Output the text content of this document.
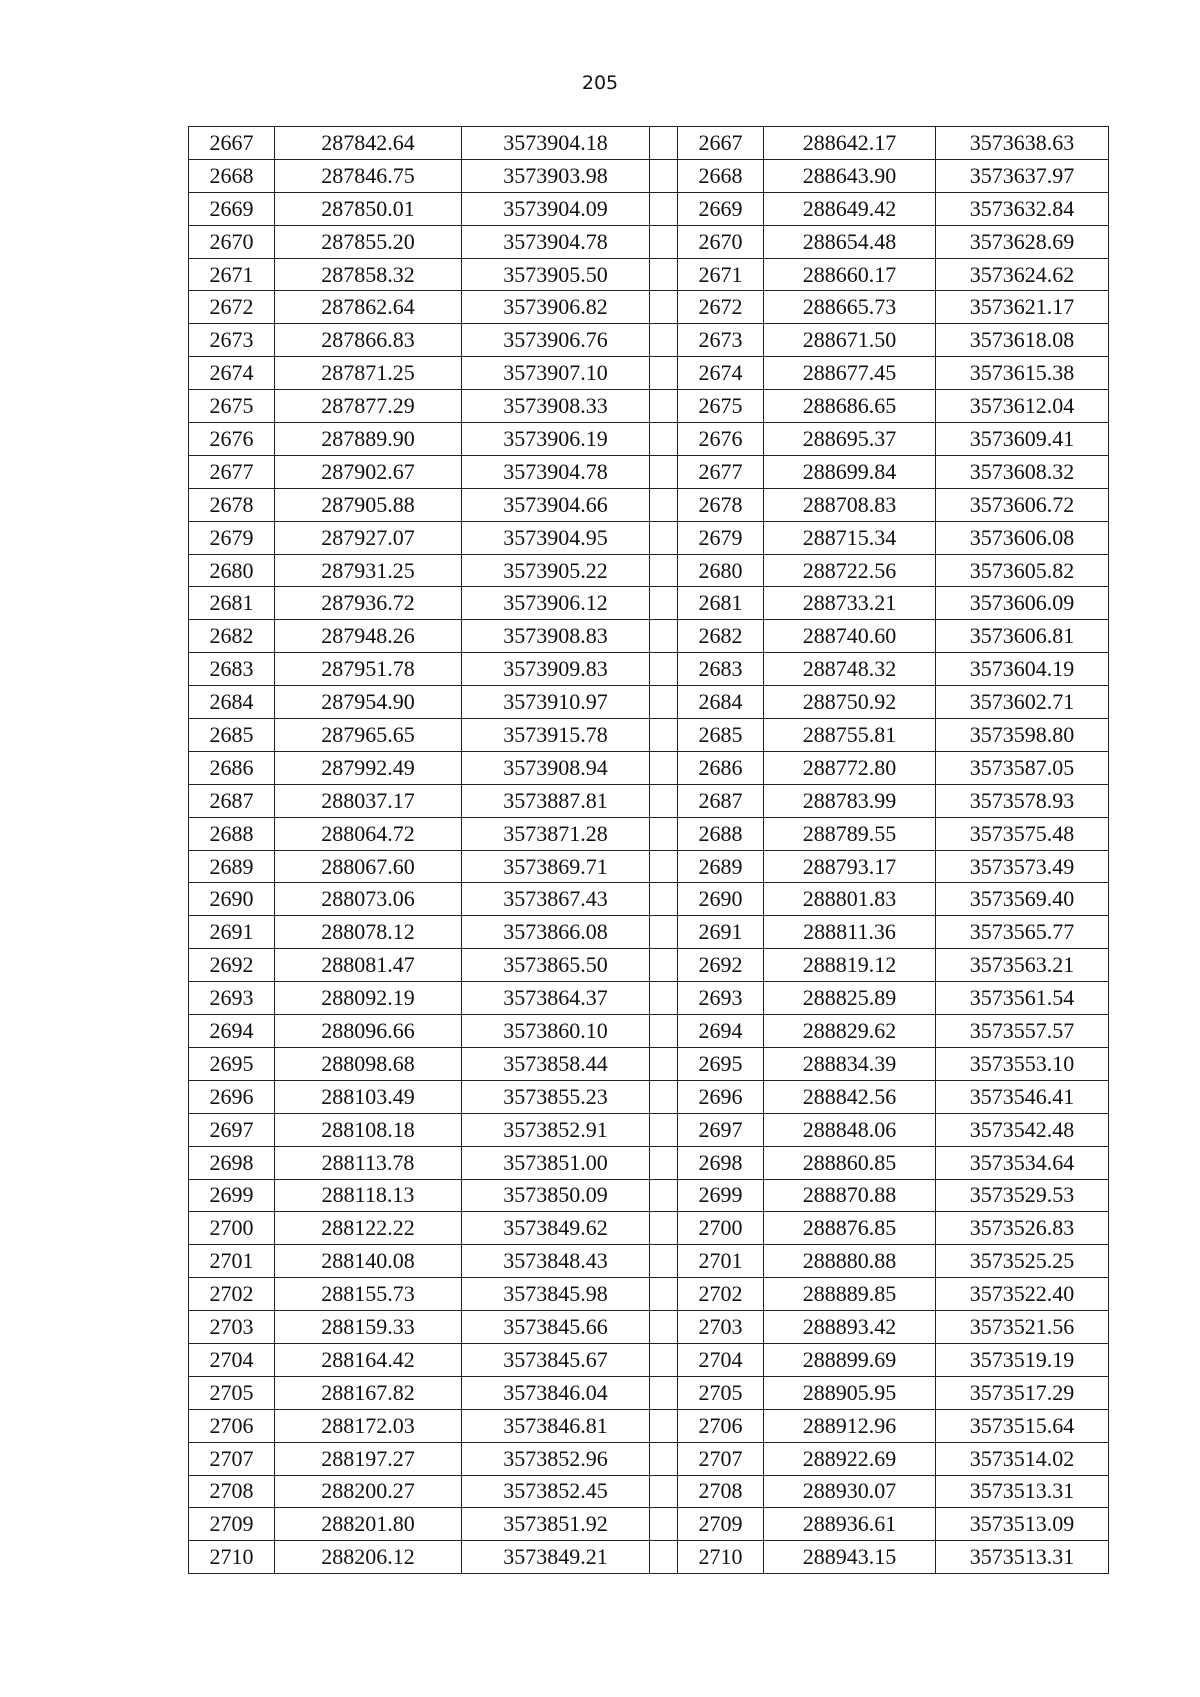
205
2667	287842.64	3573904.18		2667	288642.17	3573638.63
2668	287846.75	3573903.98		2668	288643.90	3573637.97
2669	287850.01	3573904.09		2669	288649.42	3573632.84
2670	287855.20	3573904.78		2670	288654.48	3573628.69
2671	287858.32	3573905.50		2671	288660.17	3573624.62
2672	287862.64	3573906.82		2672	288665.73	3573621.17
2673	287866.83	3573906.76		2673	288671.50	3573618.08
2674	287871.25	3573907.10		2674	288677.45	3573615.38
2675	287877.29	3573908.33		2675	288686.65	3573612.04
2676	287889.90	3573906.19		2676	288695.37	3573609.41
2677	287902.67	3573904.78		2677	288699.84	3573608.32
2678	287905.88	3573904.66		2678	288708.83	3573606.72
2679	287927.07	3573904.95		2679	288715.34	3573606.08
2680	287931.25	3573905.22		2680	288722.56	3573605.82
2681	287936.72	3573906.12		2681	288733.21	3573606.09
2682	287948.26	3573908.83		2682	288740.60	3573606.81
2683	287951.78	3573909.83		2683	288748.32	3573604.19
2684	287954.90	3573910.97		2684	288750.92	3573602.71
2685	287965.65	3573915.78		2685	288755.81	3573598.80
2686	287992.49	3573908.94		2686	288772.80	3573587.05
2687	288037.17	3573887.81		2687	288783.99	3573578.93
2688	288064.72	3573871.28		2688	288789.55	3573575.48
2689	288067.60	3573869.71		2689	288793.17	3573573.49
2690	288073.06	3573867.43		2690	288801.83	3573569.40
2691	288078.12	3573866.08		2691	288811.36	3573565.77
2692	288081.47	3573865.50		2692	288819.12	3573563.21
2693	288092.19	3573864.37		2693	288825.89	3573561.54
2694	288096.66	3573860.10		2694	288829.62	3573557.57
2695	288098.68	3573858.44		2695	288834.39	3573553.10
2696	288103.49	3573855.23		2696	288842.56	3573546.41
2697	288108.18	3573852.91		2697	288848.06	3573542.48
2698	288113.78	3573851.00		2698	288860.85	3573534.64
2699	288118.13	3573850.09		2699	288870.88	3573529.53
2700	288122.22	3573849.62		2700	288876.85	3573526.83
2701	288140.08	3573848.43		2701	288880.88	3573525.25
2702	288155.73	3573845.98		2702	288889.85	3573522.40
2703	288159.33	3573845.66		2703	288893.42	3573521.56
2704	288164.42	3573845.67		2704	288899.69	3573519.19
2705	288167.82	3573846.04		2705	288905.95	3573517.29
2706	288172.03	3573846.81		2706	288912.96	3573515.64
2707	288197.27	3573852.96		2707	288922.69	3573514.02
2708	288200.27	3573852.45		2708	288930.07	3573513.31
2709	288201.80	3573851.92		2709	288936.61	3573513.09
2710	288206.12	3573849.21		2710	288943.15	3573513.31
